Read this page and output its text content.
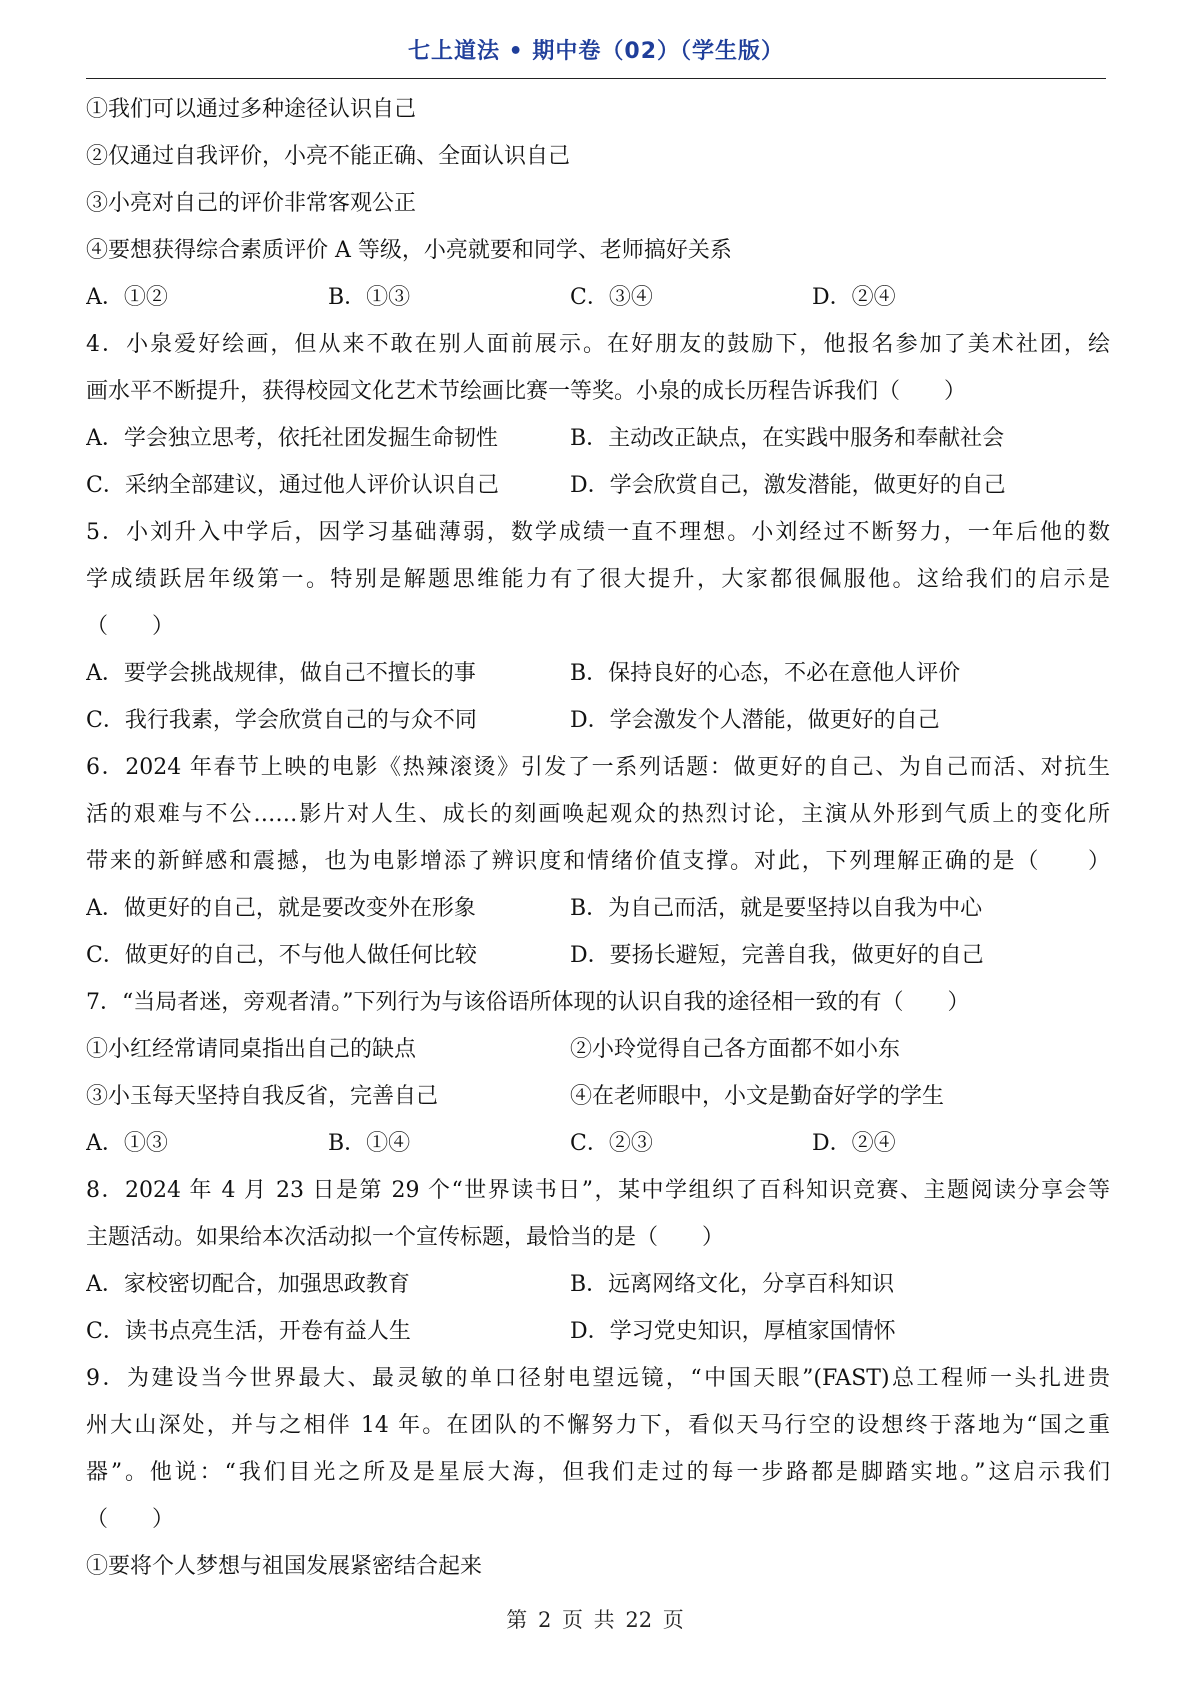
七上道法 • 期中卷（02）（学生版）
①我们可以通过多种途径认识自己
②仅通过自我评价，小亮不能正确、全面认识自己
③小亮对自己的评价非常客观公正
④要想获得综合素质评价 A 等级，小亮就要和同学、老师搞好关系
A．①②	B．①③	C．③④	D．②④
4．小泉爱好绘画，但从来不敢在别人面前展示。在好朋友的鼓励下，他报名参加了美术社团，绘
画水平不断提升，获得校园文化艺术节绘画比赛一等奖。小泉的成长历程告诉我们（　　）
A．学会独立思考，依托社团发掘生命韧性	B．主动改正缺点，在实践中服务和奉献社会
C．采纳全部建议，通过他人评价认识自己	D．学会欣赏自己，激发潜能，做更好的自己
5．小刘升入中学后，因学习基础薄弱，数学成绩一直不理想。小刘经过不断努力，一年后他的数
学成绩跃居年级第一。特别是解题思维能力有了很大提升，大家都很佩服他。这给我们的启示是
（　　）
A．要学会挑战规律，做自己不擅长的事	B．保持良好的心态，不必在意他人评价
C．我行我素，学会欣赏自己的与众不同	D．学会激发个人潜能，做更好的自己
6．2024 年春节上映的电影《热辣滚烫》引发了一系列话题：做更好的自己、为自己而活、对抗生
活的艰难与不公……影片对人生、成长的刻画唤起观众的热烈讨论，主演从外形到气质上的变化所
带来的新鲜感和震撼，也为电影增添了辨识度和情绪价值支撑。对此，下列理解正确的是（　　）
A．做更好的自己，就是要改变外在形象	B．为自己而活，就是要坚持以自我为中心
C．做更好的自己，不与他人做任何比较	D．要扬长避短，完善自我，做更好的自己
7．“当局者迷，旁观者清。”下列行为与该俗语所体现的认识自我的途径相一致的有（　　）
①小红经常请同桌指出自己的缺点	②小玲觉得自己各方面都不如小东
③小玉每天坚持自我反省，完善自己	④在老师眼中，小文是勤奋好学的学生
A．①③	B．①④	C．②③	D．②④
8．2024 年 4 月 23 日是第 29 个“世界读书日”，某中学组织了百科知识竞赛、主题阅读分享会等
主题活动。如果给本次活动拟一个宣传标题，最恰当的是（　　）
A．家校密切配合，加强思政教育	B．远离网络文化，分享百科知识
C．读书点亮生活，开卷有益人生	D．学习党史知识，厚植家国情怀
9．为建设当今世界最大、最灵敏的单口径射电望远镜，“中国天眼”(FAST)总工程师一头扎进贵
州大山深处，并与之相伴 14 年。在团队的不懈努力下，看似天马行空的设想终于落地为“国之重
器”。他说：“我们目光之所及是星辰大海，但我们走过的每一步路都是脚踏实地。”这启示我们
（　　）
①要将个人梦想与祖国发展紧密结合起来
第 2 页 共 22 页
